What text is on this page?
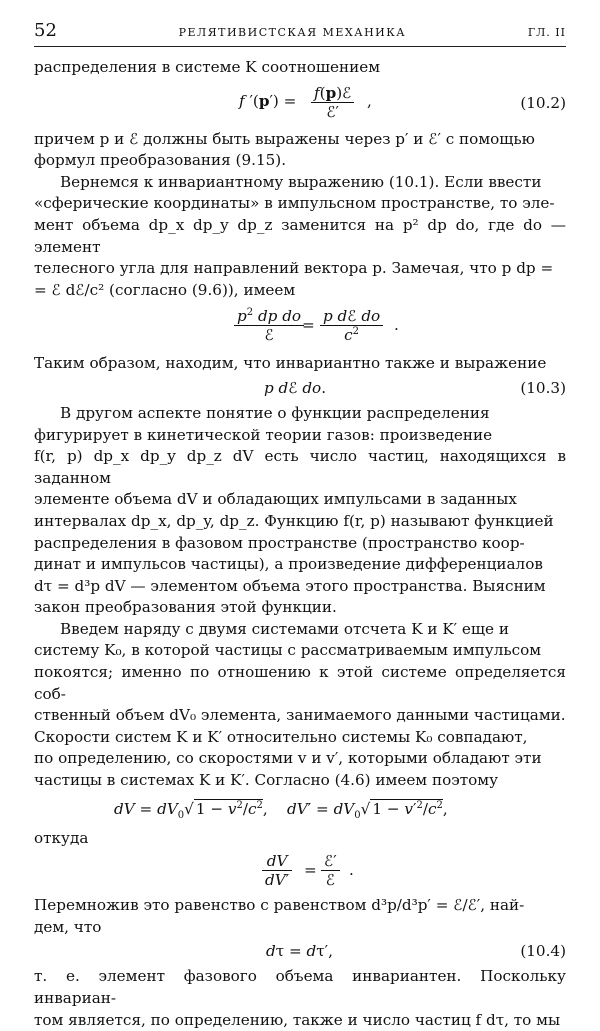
52	РЕЛЯТИВИСТСКАЯ МЕХАНИКА	ГЛ. II

распределения в системе K соотношением

f ′(p′) = f(p)ℰ
ℰ′
,	(10.2)

причем p и ℰ должны быть выражены через p′ и ℰ′ с помощью

формул преобразования (9.15).

Вернемся к инвариантному выражению (10.1). Если ввести

«сферические координаты» в импульсном пространстве, то эле-

мент объема dp_x dp_y dp_z заменится на p² dp do, где do — элемент

телесного угла для направлений вектора p. Замечая, что p dp =

= ℰ dℰ/c² (согласно (9.6)), имеем

$p^2$ dp do
ℰ
= p dℰ do
$c^2$	.

Таким образом, находим, что инвариантно также и выражение

p dℰ do.	(10.3)

В другом аспекте понятие о функции распределения

фигурирует в кинетической теории газов: произведение

f(r, p) dp_x dp_y dp_z dV есть число частиц, находящихся в заданном

элементе объема dV и обладающих импульсами в заданных

интервалах dp_x, dp_y, dp_z. Функцию f(r, p) называют функцией

распределения в фазовом пространстве (пространство коор-

динат и импульсов частицы), а произведение дифференциалов

dτ = d³p dV — элементом объема этого пространства. Выясним

закон преобразования этой функции.

Введем наряду с двумя системами отсчета K и K′ еще и

систему K₀, в которой частицы с рассматриваемым импульсом

покоятся; именно по отношению к этой системе определяется соб-

ственный объем dV₀ элемента, занимаемого данными частицами.

Скорости систем K и K′ относительно системы K₀ совпадают,

по определению, со скоростями v и v′, которыми обладают эти

частицы в системах K и K′. Согласно (4.6) имеем поэтому

dV = $dV_0√$ $1 - v^2/c^2$,    $dV' = dV_0√$ $1 - v'^2/c^2$,

откуда

$\frac{dV}{dV'}$ = ℰ′
ℰ
.

Перемножив это равенство с равенством d³p/d³p′ = ℰ/ℰ′, най-

дем, что

dτ = dτ′,	(10.4)

т. е. элемент фазового объема инвариантен. Поскольку инвариан-

том является, по определению, также и число частиц f dτ, то мы
